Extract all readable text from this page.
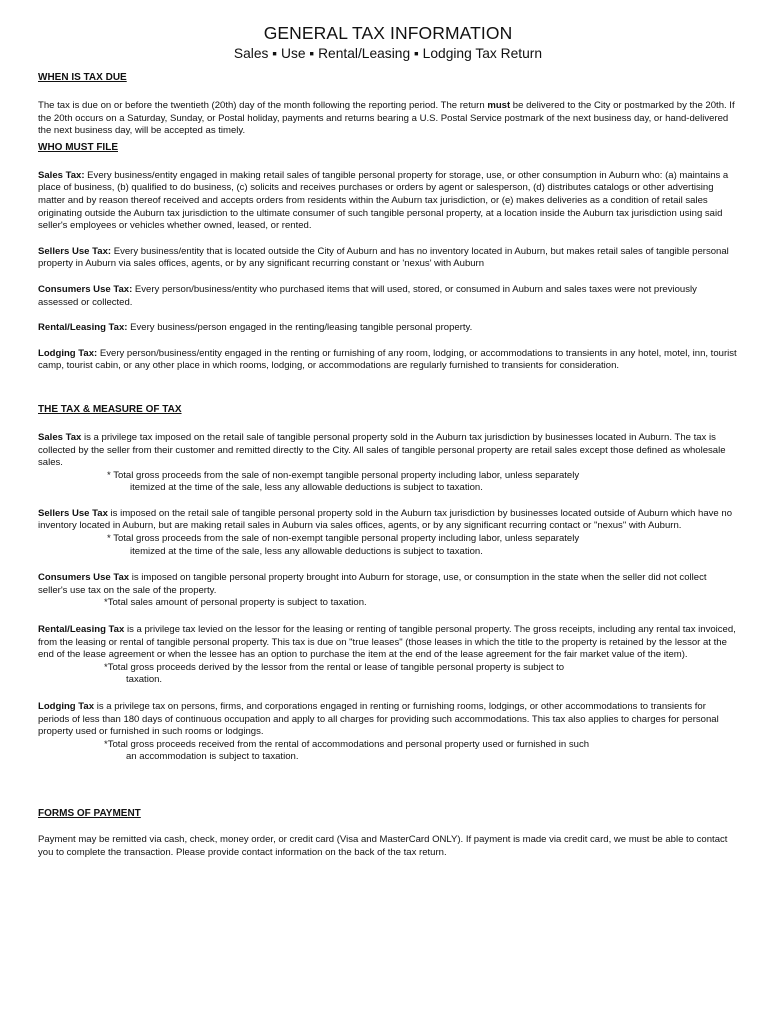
GENERAL TAX INFORMATION
Sales ▪ Use ▪ Rental/Leasing ▪ Lodging Tax Return
WHEN IS TAX DUE

The tax is due on or before the twentieth (20th) day of the month following the reporting period. The return must be delivered to the City or postmarked by the 20th. If the 20th occurs on a Saturday, Sunday, or Postal holiday, payments and returns bearing a U.S. Postal Service postmark of the next business day, or hand-delivered the next business day, will be accepted as timely.

WHO MUST FILE

Sales Tax: Every business/entity engaged in making retail sales of tangible personal property for storage, use, or other consumption in Auburn who: (a) maintains a place of business, (b) qualified to do business, (c) solicits and receives purchases or orders by agent or salesperson, (d) distributes catalogs or other advertising matter and by reason thereof received and accepts orders from residents within the Auburn tax jurisdiction, or (e) makes deliveries as a condition of retail sales originating outside the Auburn tax jurisdiction to the ultimate consumer of such tangible personal property, at a location inside the Auburn tax jurisdiction using said seller's employees or vehicles whether owned, leased, or rented.

Sellers Use Tax: Every business/entity that is located outside the City of Auburn and has no inventory located in Auburn, but makes retail sales of tangible personal property in Auburn via sales offices, agents, or by any significant recurring constant or 'nexus' with Auburn

Consumers Use Tax: Every person/business/entity who purchased items that will used, stored, or consumed in Auburn and sales taxes were not previously assessed or collected.

Rental/Leasing Tax: Every business/person engaged in the renting/leasing tangible personal property.

Lodging Tax: Every person/business/entity engaged in the renting or furnishing of any room, lodging, or accommodations to transients in any hotel, motel, inn, tourist camp, tourist cabin, or any other place in which rooms, lodging, or accommodations are regularly furnished to transients for consideration.

THE TAX & MEASURE OF TAX

Sales Tax is a privilege tax imposed on the retail sale of tangible personal property sold in the Auburn tax jurisdiction by businesses located in Auburn. The tax is collected by the seller from their customer and remitted directly to the City. All sales of tangible personal property are retail sales except those defined as wholesale sales.

* Total gross proceeds from the sale of non-exempt tangible personal property including labor, unless separately

itemized at the time of the sale, less any allowable deductions is subject to taxation.

Sellers Use Tax is imposed on the retail sale of tangible personal property sold in the Auburn tax jurisdiction by businesses located outside of Auburn which have no inventory located in Auburn, but are making retail sales in Auburn via sales offices, agents, or by any significant recurring contact or "nexus" with Auburn.

* Total gross proceeds from the sale of non-exempt tangible personal property including labor, unless separately

itemized at the time of the sale, less any allowable deductions is subject to taxation.

Consumers Use Tax is imposed on tangible personal property brought into Auburn for storage, use, or consumption in the state when the seller did not collect seller's use tax on the sale of the property.

*Total sales amount of personal property is subject to taxation.

Rental/Leasing Tax is a privilege tax levied on the lessor for the leasing or renting of tangible personal property. The gross receipts, including any rental tax invoiced, from the leasing or rental of tangible personal property. This tax is due on "true leases" (those leases in which the title to the property is retained by the lessor at the end of the lease agreement or when the lessee has an option to purchase the item at the end of the lease agreement for the fair market value of the item).

*Total gross proceeds derived by the lessor from the rental or lease of tangible personal property is subject to

taxation.

Lodging Tax is a privilege tax on persons, firms, and corporations engaged in renting or furnishing rooms, lodgings, or other accommodations to transients for periods of less than 180 days of continuous occupation and apply to all charges for providing such accommodations. This tax also applies to charges for personal property used or furnished in such rooms or lodgings.

*Total gross proceeds received from the rental of accommodations and personal property used or furnished in such

an accommodation is subject to taxation.

FORMS OF PAYMENT

Payment may be remitted via cash, check, money order, or credit card (Visa and MasterCard ONLY). If payment is made via credit card, we must be able to contact you to complete the transaction. Please provide contact information on the back of the tax return.
